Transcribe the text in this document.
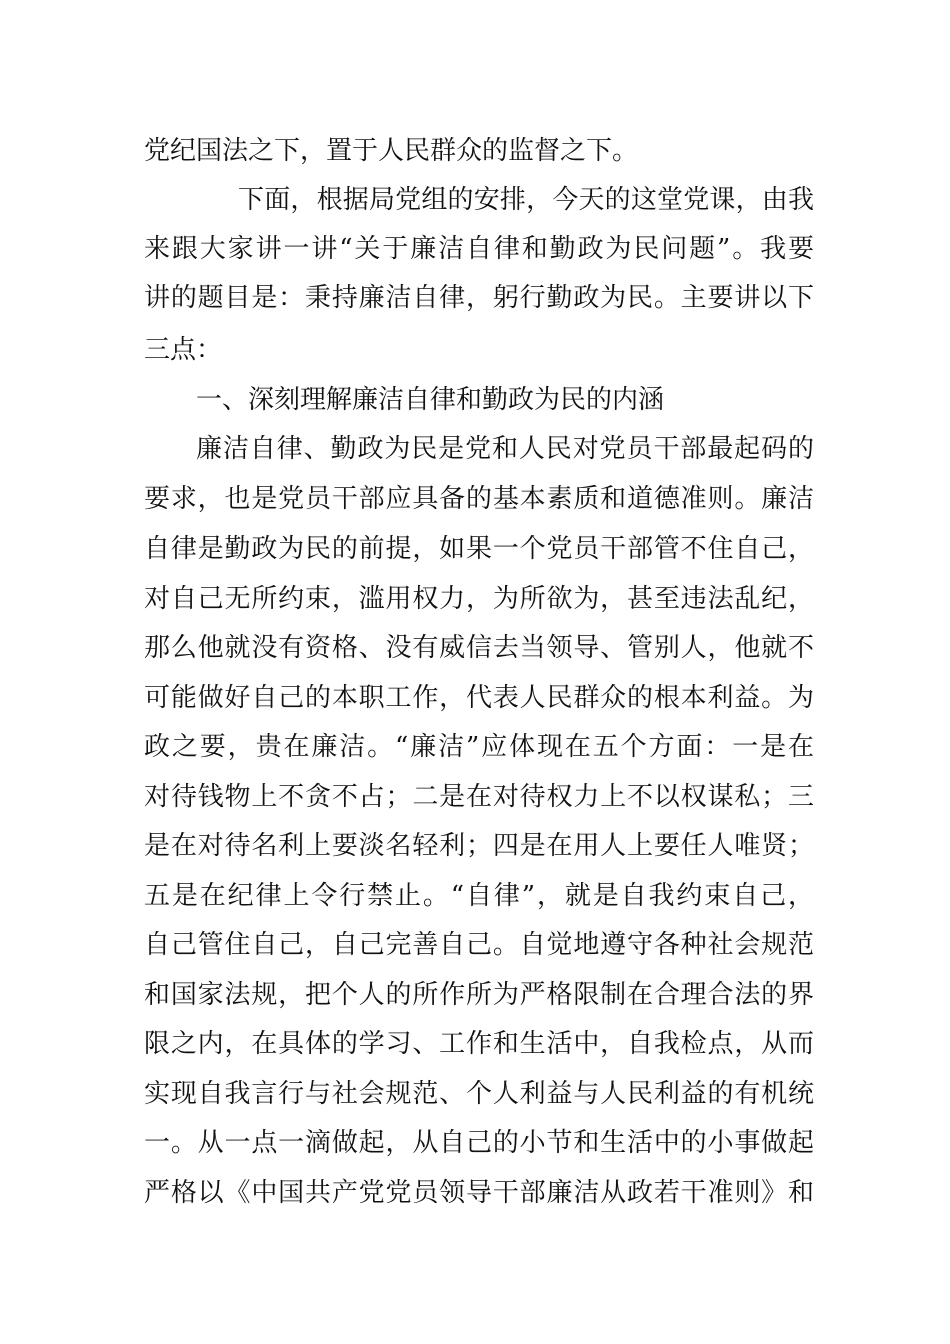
党纪国法之下，置于人民群众的监督之下。
下面，根据局党组的安排，今天的这堂党课，由我
来跟大家讲一讲“关于廉洁自律和勤政为民问题”。我要
讲的题目是：秉持廉洁自律，躬行勤政为民。主要讲以下
三点：
一、深刻理解廉洁自律和勤政为民的内涵
廉洁自律、勤政为民是党和人民对党员干部最起码的
要求，也是党员干部应具备的基本素质和道德准则。廉洁
自律是勤政为民的前提，如果一个党员干部管不住自己，
对自己无所约束，滥用权力，为所欲为，甚至违法乱纪，
那么他就没有资格、没有威信去当领导、管别人，他就不
可能做好自己的本职工作，代表人民群众的根本利益。为
政之要，贵在廉洁。“廉洁”应体现在五个方面：一是在
对待钱物上不贪不占；二是在对待权力上不以权谋私；三
是在对待名利上要淡名轻利；四是在用人上要任人唯贤；
五是在纪律上令行禁止。“自律”，就是自我约束自己，
自己管住自己，自己完善自己。自觉地遵守各种社会规范
和国家法规，把个人的所作所为严格限制在合理合法的界
限之内，在具体的学习、工作和生活中，自我检点，从而
实现自我言行与社会规范、个人利益与人民利益的有机统
一。从一点一滴做起，从自己的小节和生活中的小事做起
严格以《中国共产党党员领导干部廉洁从政若干准则》和
